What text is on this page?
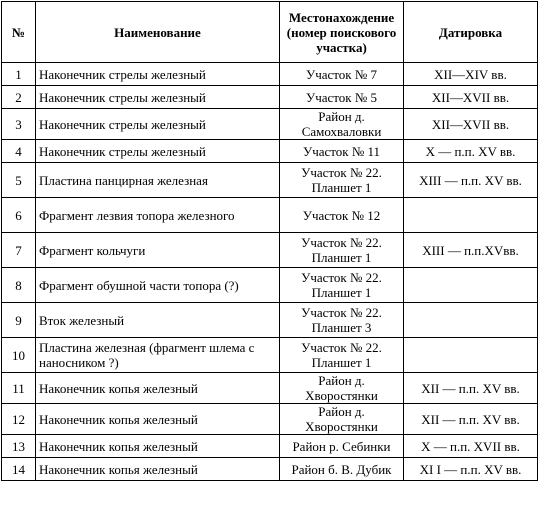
№	Наименование	Местонахождение (номер поискового участка)	Датировка
1	Наконечник стрелы железный	Участок № 7	XII—XIV вв.
2	Наконечник стрелы железный	Участок № 5	XII—XVII вв.
3	Наконечник стрелы железный	Район д. Самохваловки	XII—XVII вв.
4	Наконечник стрелы железный	Участок № 11	X — п.п. XV вв.
5	Пластина панцирная железная	Участок № 22. Планшет 1	XIII — п.п. XV вв.
6	Фрагмент лезвия топора железного	Участок № 12	
7	Фрагмент кольчуги	Участок № 22. Планшет 1	XIII — п.п.XVвв.
8	Фрагмент обушной части топора (?)	Участок № 22. Планшет 1	
9	Вток железный	Участок № 22. Планшет 3	
10	Пластина железная (фрагмент шлема с наносником ?)	Участок № 22. Планшет 1	
11	Наконечник копья железный	Район д. Хворостянки	XII — п.п. XV вв.
12	Наконечник копья железный	Район д. Хворостянки	XII — п.п. XV вв.
13	Наконечник копья железный	Район р. Себинки	X — п.п. XVII вв.
14	Наконечник копья железный	Район б. В. Дубик	XI I — п.п. XV вв.
